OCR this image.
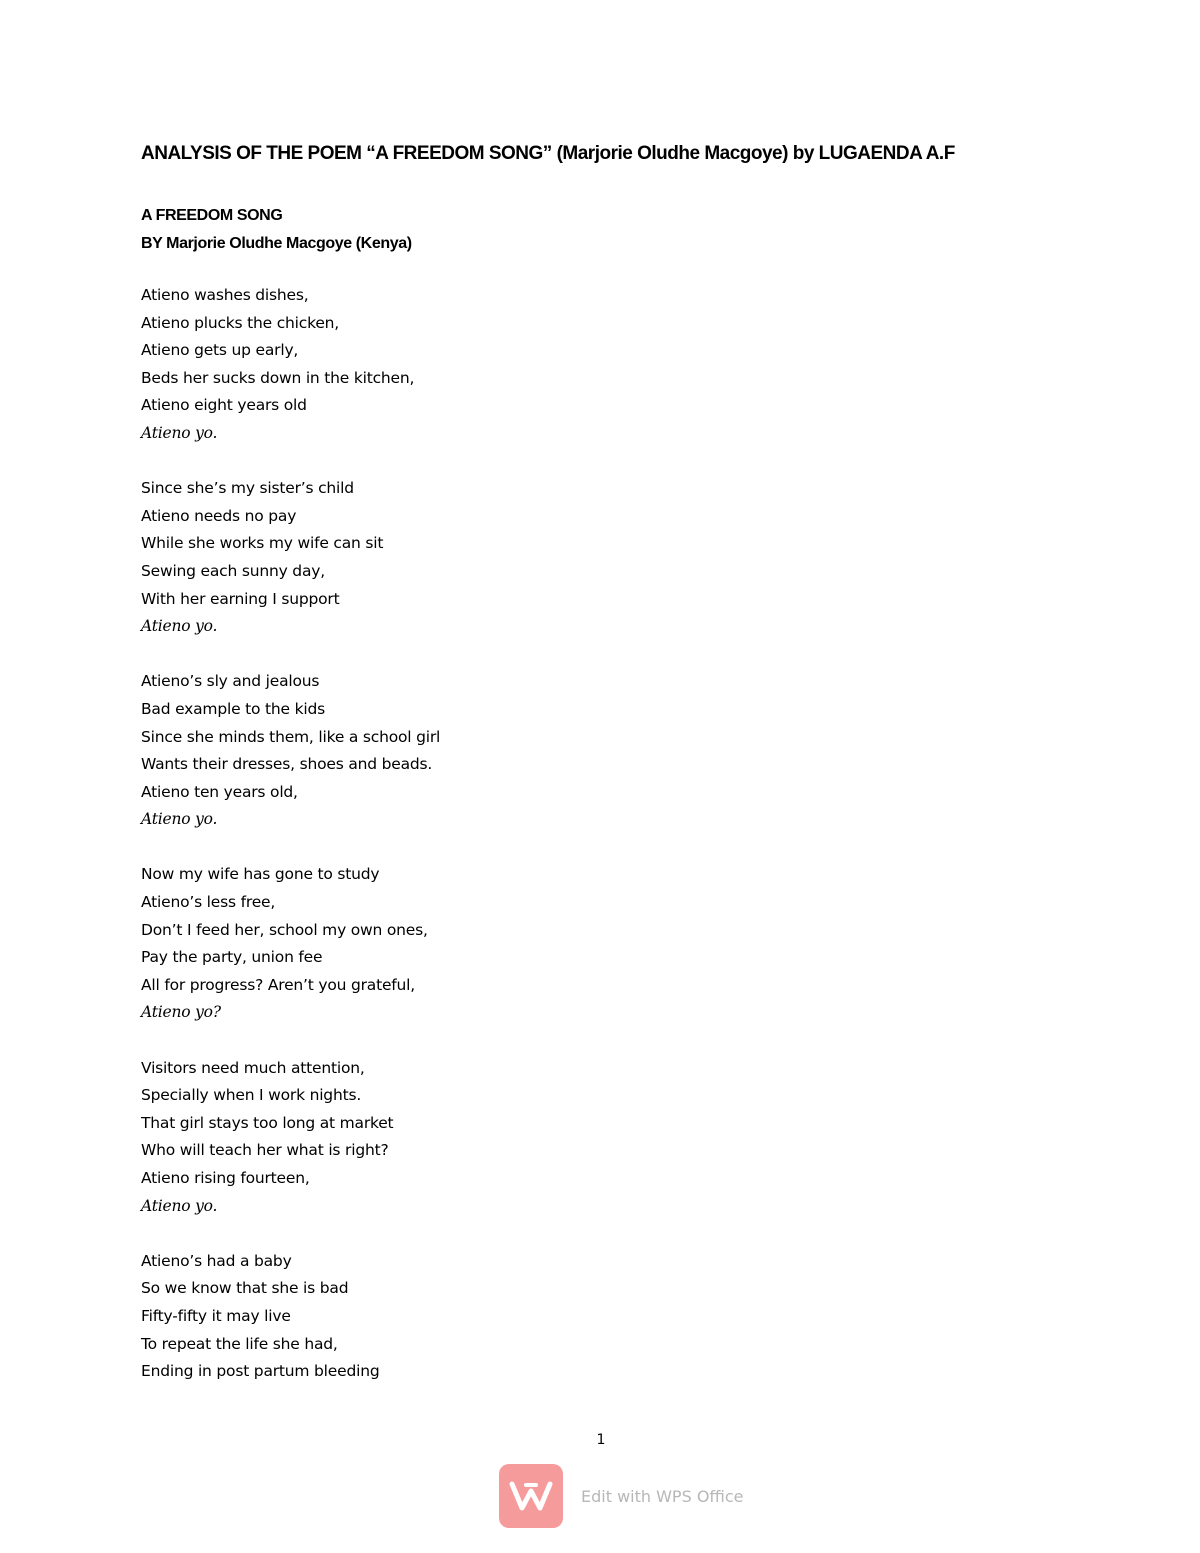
ANALYSIS OF THE POEM “A FREEDOM SONG” (Marjorie Oludhe Macgoye) by LUGAENDA A.F
A FREEDOM SONG
BY Marjorie Oludhe Macgoye (Kenya)
Atieno washes dishes,
Atieno plucks the chicken,
Atieno gets up early,
Beds her sucks down in the kitchen,
Atieno eight years old
Atieno yo.
Since she’s my sister’s child
Atieno needs no pay
While she works my wife can sit
Sewing each sunny day,
With her earning I support
Atieno yo.
Atieno’s sly and jealous
Bad example to the kids
Since she minds them, like a school girl
Wants their dresses, shoes and beads.
Atieno ten years old,
Atieno yo.
Now my wife has gone to study
Atieno’s less free,
Don’t I feed her, school my own ones,
Pay the party, union fee
All for progress? Aren’t you grateful,
Atieno yo?
Visitors need much attention,
Specially when I work nights.
That girl stays too long at market
Who will teach her what is right?
Atieno rising fourteen,
Atieno yo.
Atieno’s had a baby
So we know that she is bad
Fifty-fifty it may live
To repeat the life she had,
Ending in post partum bleeding
1
Edit with WPS Office
